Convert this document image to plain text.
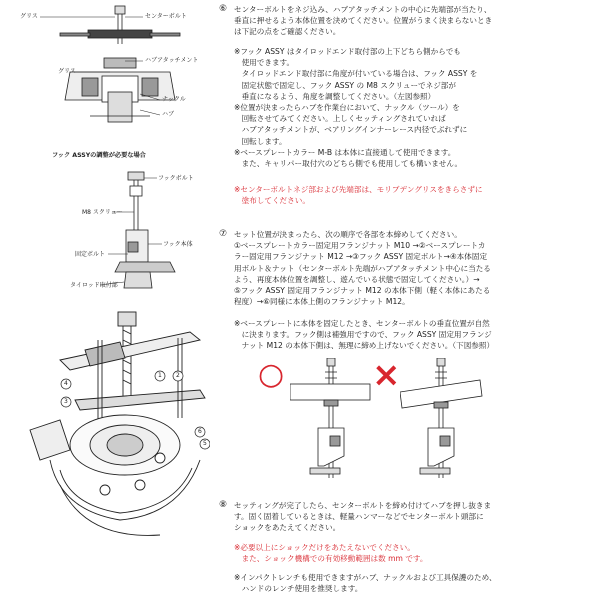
グリス	センターボルト
ハブアタッチメント
グリス
ナックル
ハブ
フック ASSYの調整が必要な場合
フックボルト
M8 スクリュー
フック本体
固定ボルト
タイロッド取付部
1 2
4
3
6
5
⑥ センターボルトをネジ込み、ハブアタッチメントの中心に先端部が当たり、
垂直に押せるよう本体位置を決めてください。位置がうまく決まらないとき
は下記の点をご確認ください。
※フック ASSY はタイロッドエンド取付部の上下どちら側からでも
　使用できます。
　タイロッドエンド取付部に角度が付いている場合は、フック ASSY を
　固定状態で固定し、フック ASSY の M8 スクリューでネジ部が
　垂直になるよう、角度を調整してください。（左図参照）
※位置が決まったらハブを作業台において、ナックル（ツール）を
　回転させてみてください。上しくセッティングされていれば
　ハブアタッチメントが、ベアリングインナーレース内径でぶれずに
　回転します。
※ベースプレートカラー M-B は本体に直接通して使用できます。
　また、キャリパー取付穴のどちら側でも使用しても構いません。
※センターボルトネジ部および先端部は、モリブデングリスをきらさずに
　塗布してください。
⑦ セット位置が決まったら、次の順序で各部を本締めしてください。
①ベースプレートカラー固定用フランジナット M10 →②ベースプレートカ
ラー固定用フランジナット M12 →③フック ASSY 固定ボルト→④本体固定
用ボルト＆ナット（センターボルト先端がハブアタッチメント中心に当たる
よう、再度本体位置を調整し、遊んでいる状態で固定してください。）→
⑤フック ASSY 固定用フランジナット M12 の本体下側（軽く本体にあたる
程度）→⑥同様に本体上側のフランジナット M12。
※ベースプレートに本体を固定したとき、センターボルトの垂直位置が自然
　に決まります。フック側は補強用ですので、フック ASSY 固定用フランジ
　ナット M12 の本体下側は、無理に締め上げないでください。（下図参照）
○	×
⑧ セッティングが完了したら、センターボルトを締め付けてハブを押し抜きま
す。固く固着しているときは、軽量ハンマーなどでセンターボルト頭部に
ショックをあたえてください。
※必要以上にショックだけをあたえないでください。
　また、ショック機構での有効移動範囲は数 mm です。
※インパクトレンチも使用できますがハブ、ナックルおよび工具保護のため、
　ハンドのレンチ使用を推奨します。
